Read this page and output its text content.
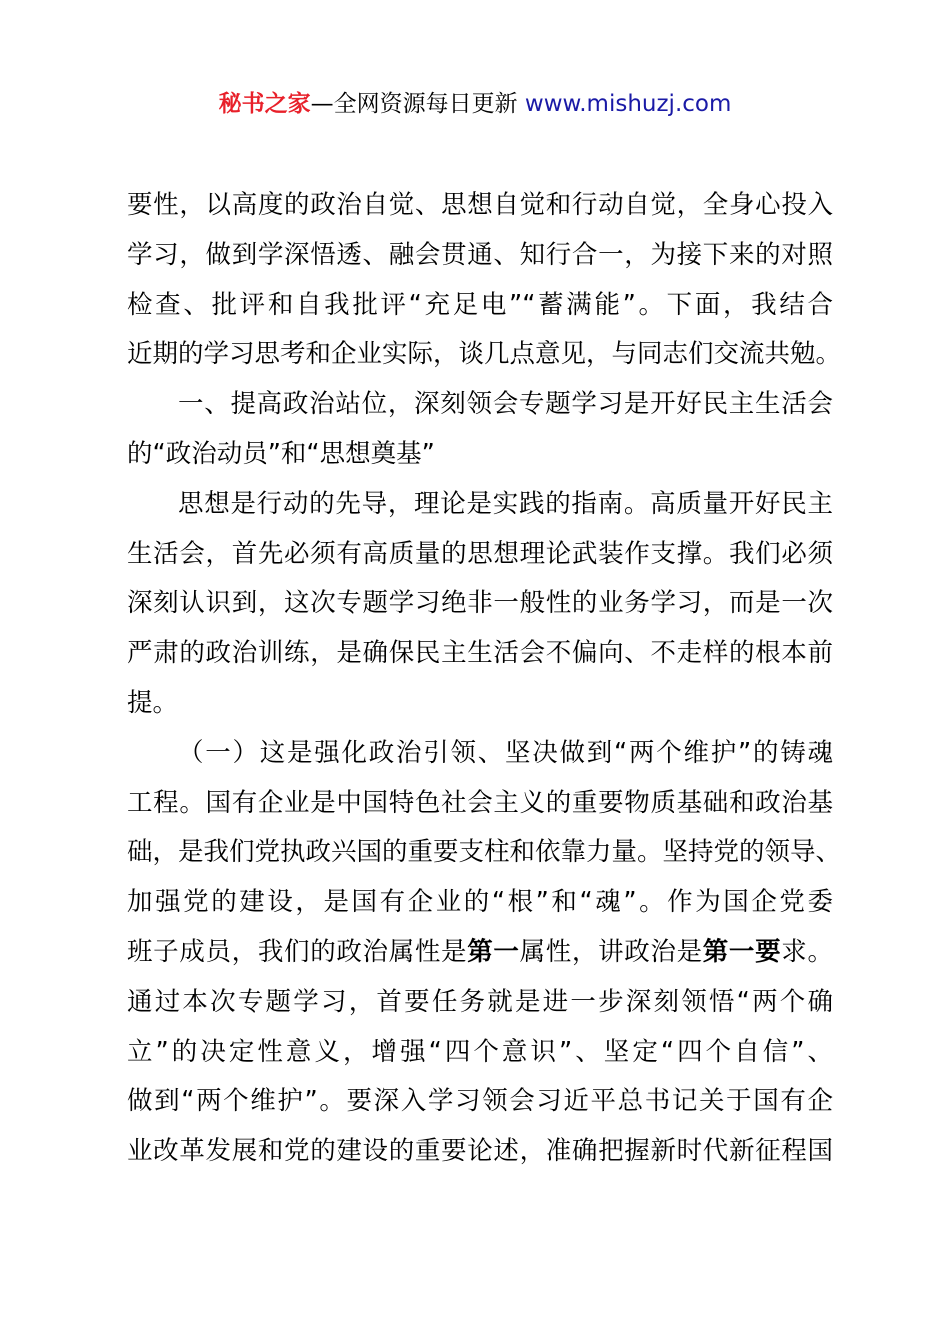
秘书之家—全网资源每日更新 www.mishuzj.com
要性，以高度的政治自觉、思想自觉和行动自觉，全身心投入
学习，做到学深悟透、融会贯通、知行合一，为接下来的对照
检查、批评和自我批评“充足电”“蓄满能”。下面，我结合
近期的学习思考和企业实际，谈几点意见，与同志们交流共勉。
一、提高政治站位，深刻领会专题学习是开好民主生活会
的“政治动员”和“思想奠基”
思想是行动的先导，理论是实践的指南。高质量开好民主
生活会，首先必须有高质量的思想理论武装作支撑。我们必须
深刻认识到，这次专题学习绝非一般性的业务学习，而是一次
严肃的政治训练，是确保民主生活会不偏向、不走样的根本前
提。
（一）这是强化政治引领、坚决做到“两个维护”的铸魂
工程。国有企业是中国特色社会主义的重要物质基础和政治基
础，是我们党执政兴国的重要支柱和依靠力量。坚持党的领导、
加强党的建设，是国有企业的“根”和“魂”。作为国企党委
班子成员，我们的政治属性是第一属性，讲政治是第一要求。
通过本次专题学习，首要任务就是进一步深刻领悟“两个确
立”的决定性意义，增强“四个意识”、坚定“四个自信”、
做到“两个维护”。要深入学习领会习近平总书记关于国有企
业改革发展和党的建设的重要论述，准确把握新时代新征程国
